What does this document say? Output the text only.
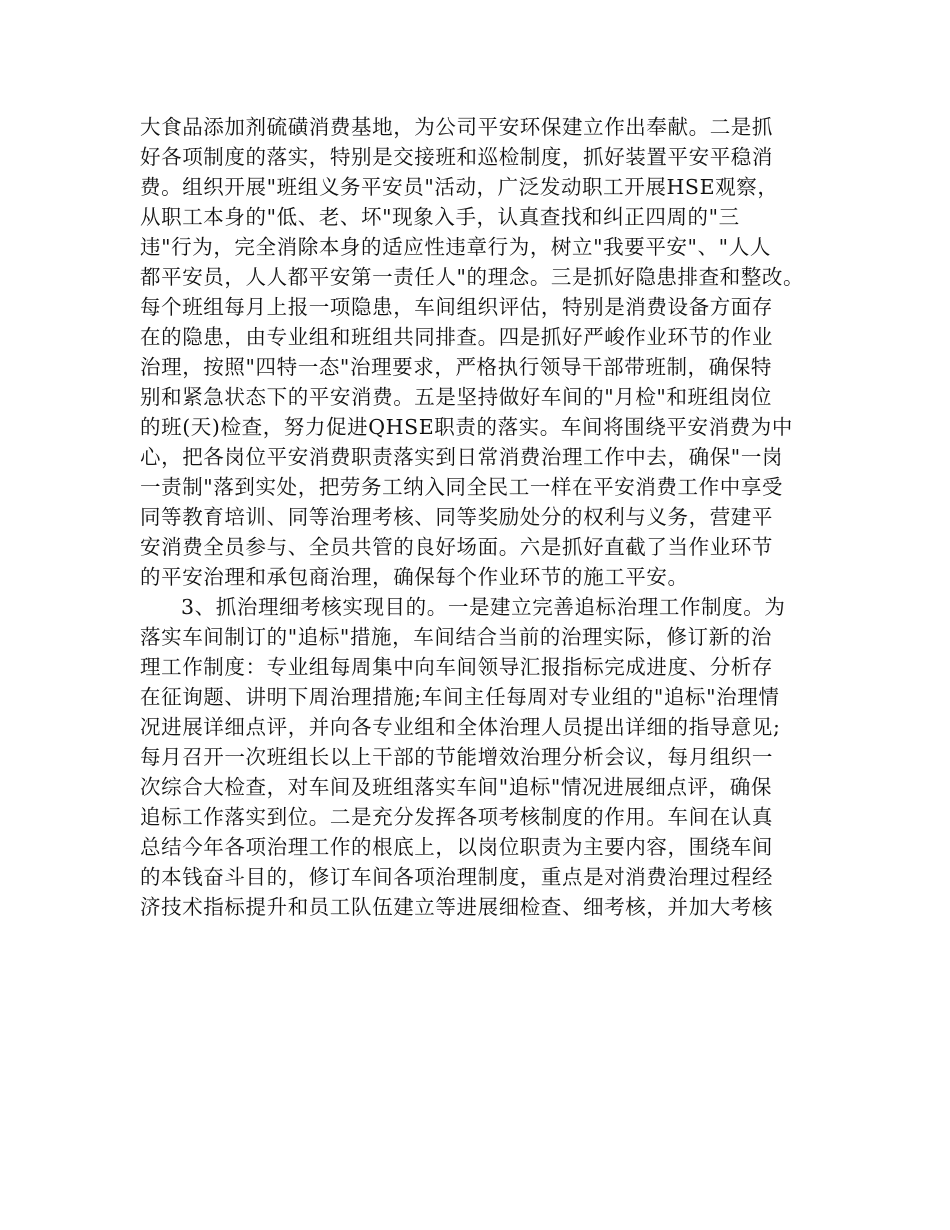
大食品添加剂硫磺消费基地，为公司平安环保建立作出奉献。二是抓
好各项制度的落实，特别是交接班和巡检制度，抓好装置平安平稳消
费。组织开展"班组义务平安员"活动，广泛发动职工开展HSE观察，
从职工本身的"低、老、坏"现象入手，认真查找和纠正四周的"三
违"行为，完全消除本身的适应性违章行为，树立"我要平安"、"人人
都平安员，人人都平安第一责任人"的理念。三是抓好隐患排查和整改。
每个班组每月上报一项隐患，车间组织评估，特别是消费设备方面存
在的隐患，由专业组和班组共同排查。四是抓好严峻作业环节的作业
治理，按照"四特一态"治理要求，严格执行领导干部带班制，确保特
别和紧急状态下的平安消费。五是坚持做好车间的"月检"和班组岗位
的班(天)检查，努力促进QHSE职责的落实。车间将围绕平安消费为中
心，把各岗位平安消费职责落实到日常消费治理工作中去，确保"一岗
一责制"落到实处，把劳务工纳入同全民工一样在平安消费工作中享受
同等教育培训、同等治理考核、同等奖励处分的权利与义务，营建平
安消费全员参与、全员共管的良好场面。六是抓好直截了当作业环节
的平安治理和承包商治理，确保每个作业环节的施工平安。
3、抓治理细考核实现目的。一是建立完善追标治理工作制度。为
落实车间制订的"追标"措施，车间结合当前的治理实际，修订新的治
理工作制度：专业组每周集中向车间领导汇报指标完成进度、分析存
在征询题、讲明下周治理措施;车间主任每周对专业组的"追标"治理情
况进展详细点评，并向各专业组和全体治理人员提出详细的指导意见;
每月召开一次班组长以上干部的节能增效治理分析会议，每月组织一
次综合大检查，对车间及班组落实车间"追标"情况进展细点评，确保
追标工作落实到位。二是充分发挥各项考核制度的作用。车间在认真
总结今年各项治理工作的根底上，以岗位职责为主要内容，围绕车间
的本钱奋斗目的，修订车间各项治理制度，重点是对消费治理过程经
济技术指标提升和员工队伍建立等进展细检查、细考核，并加大考核
